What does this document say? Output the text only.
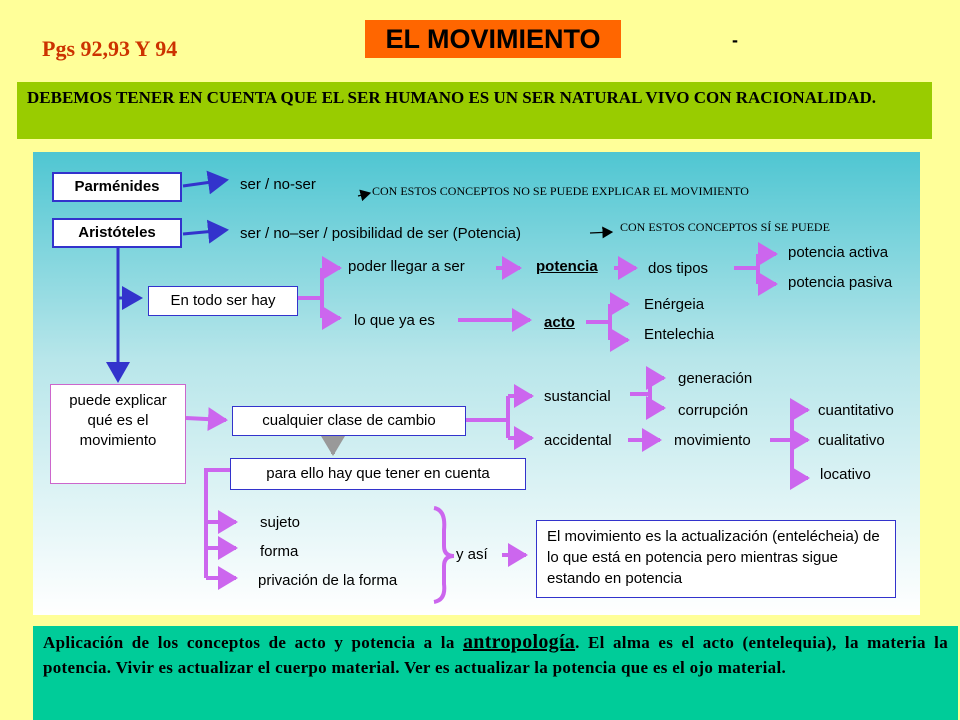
EL MOVIMIENTO	-
Pgs 92,93 Y 94
DEBEMOS TENER EN CUENTA QUE EL SER HUMANO ES UN SER NATURAL VIVO CON RACIONALIDAD.
Parménides
Aristóteles
En todo ser hay
puede explicar qué es el movimiento
cualquier clase de cambio
para ello hay que tener en cuenta
El movimiento es la actualización (entelécheia) de lo que está en potencia pero mientras sigue estando en potencia
ser / no-ser	CON ESTOS CONCEPTOS NO SE PUEDE EXPLICAR EL MOVIMIENTO
ser / no–ser / posibilidad de ser (Potencia)	CON ESTOS CONCEPTOS SÍ SE PUEDE
poder llegar a ser	potencia	dos tipos
potencia activa
potencia pasiva
lo que ya es	acto
Enérgeia
Entelechia
sustancial
generación
corrupción
accidental	movimiento
cuantitativo
cualitativo
locativo
sujeto
forma
privación de la forma
y así
Aplicación de los conceptos de acto y potencia a la antropología. El alma es el acto (entelequia), la materia la potencia. Vivir es actualizar el cuerpo material. Ver es actualizar la potencia que es el ojo material.
